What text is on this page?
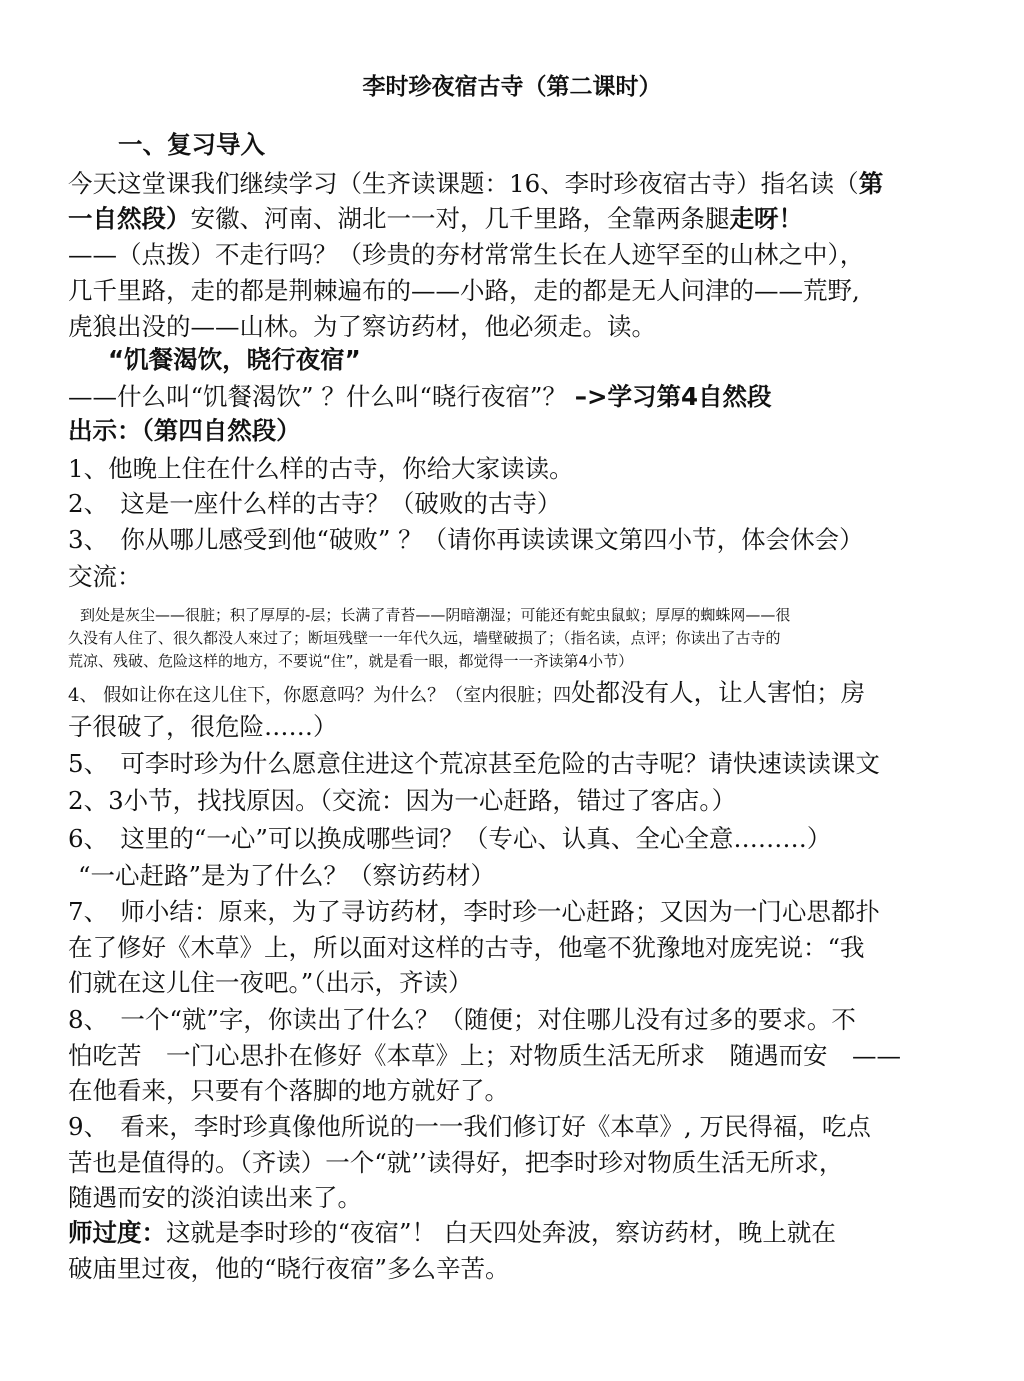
李时珍夜宿古寺（第二课时）
一、复习导入
今天这堂课我们继续学习（生齐读课题：16、李时珍夜宿古寺）指名读（第
一自然段）安徽、河南、湖北一一对，几千里路，全靠两条腿走呀！
——（点拨）不走行吗？（珍贵的夯材常常生长在人迹罕至的山林之中），
几千里路，走的都是荆棘遍布的——小路，走的都是无人问津的——荒野,
虎狼出没的——山林。为了察访药材，他必须走。读。
“饥餐渴饮，晓行夜宿”
——什么叫“饥餐渴饮” ？什么叫“晓行夜宿”？ –>学习第4自然段
出示：（第四自然段）
1、他晚上住在什么样的古寺，你给大家读读。
2、　这是一座什么样的古寺？（破败的古寺）
3、　你从哪儿感受到他“破败” ？（请你再读读课文第四小节，体会休会）
交流：
到处是灰尘——很脏；积了厚厚的-层；长满了青苔——阴暗潮湿；可能还有蛇虫鼠蚁；厚厚的蜘蛛网——很
久没有人住了、很久都没人來过了；断垣残壁一一年代久远，墙壁破损了；（指名读，点评；你读出了古寺的
荒凉、残破、危险这样的地方，不要说“住”，就是看一眼，都觉得一一齐读第4小节）
4、 假如让你在这儿住下，你愿意吗？为什么？（室内很脏；四处都没有人，让人害怕；房
子很破了，很危险……）
5、　可李时珍为什么愿意住进这个荒凉甚至危险的古寺呢？请快速读读课文
2、3小节，找找原因。（交流：因为一心赶路，错过了客店。）
6、　这里的“一心”可以换成哪些词？（专心、认真、全心全意………）
“一心赶路”是为了什么？（察访药材）
7、　师小结：原来，为了寻访药材，李时珍一心赶路；又因为一门心思都扑
在了修好《木草》上，所以面对这样的古寺，他毫不犹豫地对庞宪说：“我
们就在这儿住一夜吧。”（出示，齐读）
8、　一个“就”字，你读出了什么？（随便；对住哪儿没有过多的要求。不
怕吃苦　一门心思扑在修好《本草》上；对物质生活无所求　随遇而安　——
在他看来，只要有个落脚的地方就好了。
9、　看来，李时珍真像他所说的一一我们修订好《本草》, 万民得福，吃点
苦也是值得的。（齐读）一个“就’’读得好，把李时珍对物质生活无所求，
随遇而安的淡泊读出来了。
师过度：这就是李时珍的“夜宿”！ 白天四处奔波，察访药材，晚上就在
破庙里过夜，他的“晓行夜宿”多么辛苦。
